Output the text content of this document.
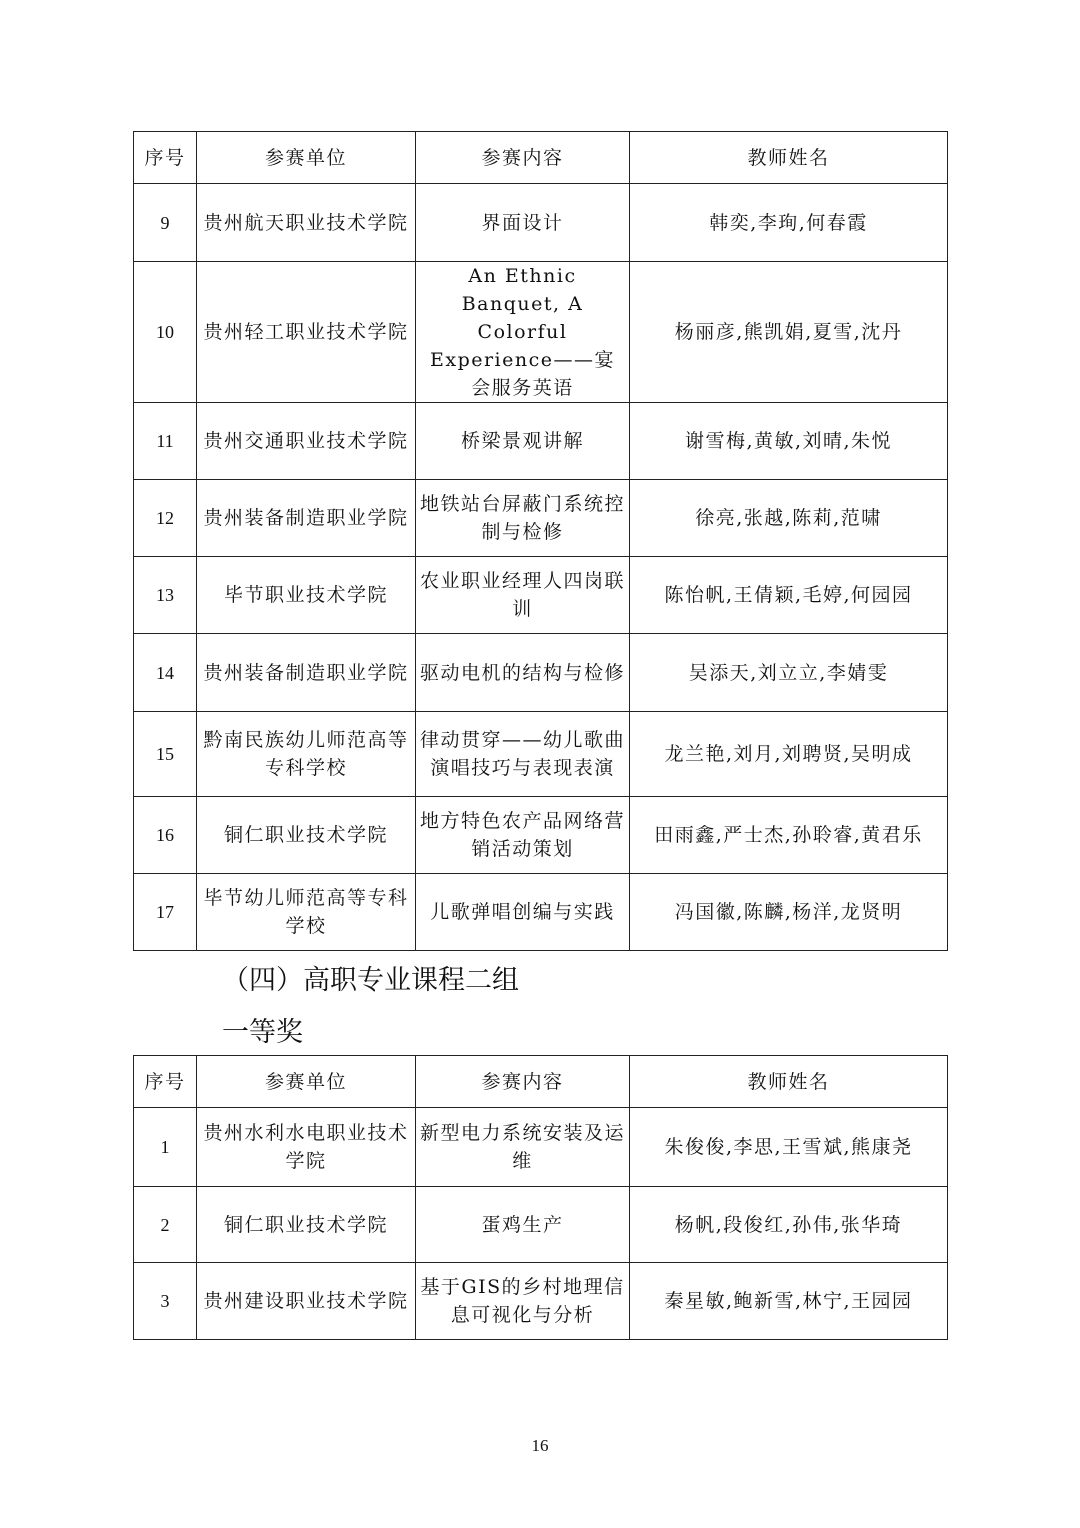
序号	参赛单位	参赛内容	教师姓名
9	贵州航天职业技术学院	界面设计	韩奕,李珣,何春霞
10	贵州轻工职业技术学院	An Ethnic Banquet, A Colorful Experience——宴会服务英语	杨丽彦,熊凯娟,夏雪,沈丹
11	贵州交通职业技术学院	桥梁景观讲解	谢雪梅,黄敏,刘晴,朱悦
12	贵州装备制造职业学院	地铁站台屏蔽门系统控制与检修	徐亮,张越,陈莉,范啸
13	毕节职业技术学院	农业职业经理人四岗联训	陈怡帆,王倩颖,毛婷,何园园
14	贵州装备制造职业学院	驱动电机的结构与检修	吴添天,刘立立,李婧雯
15	黔南民族幼儿师范高等专科学校	律动贯穿——幼儿歌曲演唱技巧与表现表演	龙兰艳,刘月,刘聘贤,吴明成
16	铜仁职业技术学院	地方特色农产品网络营销活动策划	田雨鑫,严士杰,孙聆睿,黄君乐
17	毕节幼儿师范高等专科学校	儿歌弹唱创编与实践	冯国徽,陈麟,杨洋,龙贤明
（四）高职专业课程二组
一等奖
序号	参赛单位	参赛内容	教师姓名
1	贵州水利水电职业技术学院	新型电力系统安装及运维	朱俊俊,李思,王雪斌,熊康尧
2	铜仁职业技术学院	蛋鸡生产	杨帆,段俊红,孙伟,张华琦
3	贵州建设职业技术学院	基于GIS的乡村地理信息可视化与分析	秦星敏,鲍新雪,林宁,王园园
16
